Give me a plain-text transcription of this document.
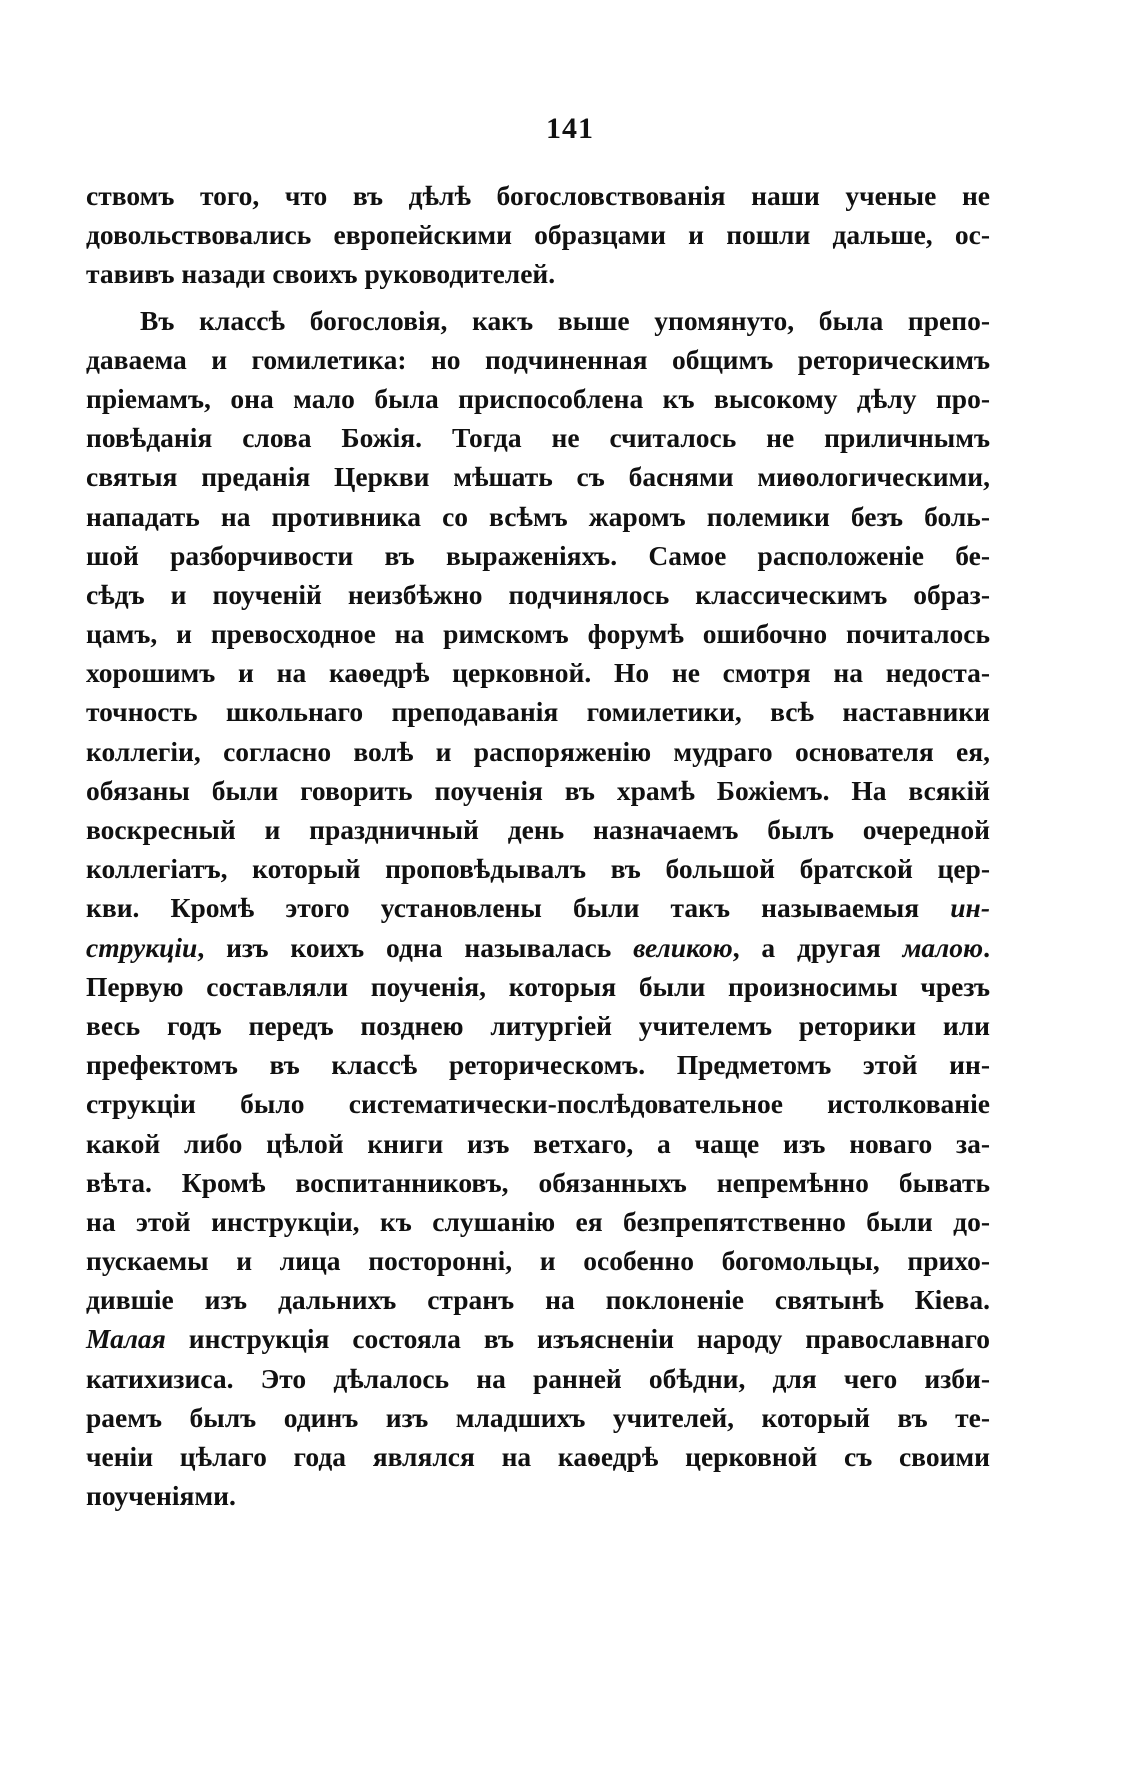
141
ствомъ того, что въ дѣлѣ богословствованія наши ученые не
довольствовались европейскими образцами и пошли дальше, ос-
тавивъ назади своихъ руководителей.
Въ классѣ богословія, какъ выше упомянуто, была препо-
даваема и гомилетика: но подчиненная общимъ реторическимъ
пріемамъ, она мало была приспособлена къ высокому дѣлу про-
повѣданія слова Божія. Тогда не считалось не приличнымъ
святыя преданія Церкви мѣшать съ баснями миѳологическими,
нападать на противника со всѣмъ жаромъ полемики безъ боль-
шой разборчивости въ выраженіяхъ. Самое расположеніе бе-
сѣдъ и поученій неизбѣжно подчинялось классическимъ образ-
цамъ, и превосходное на римскомъ форумѣ ошибочно почиталось
хорошимъ и на каѳедрѣ церковной. Но не смотря на недоста-
точность школьнаго преподаванія гомилетики, всѣ наставники
коллегіи, согласно волѣ и распоряженію мудраго основателя ея,
обязаны были говорить поученія въ храмѣ Божіемъ. На всякій
воскресный и праздничный день назначаемъ былъ очередной
коллегіатъ, который проповѣдывалъ въ большой братской цер-
кви. Кромѣ этого установлены были такъ называемыя ин-
струкціи, изъ коихъ одна называлась великою, а другая малою.
Первую составляли поученія, которыя были произносимы чрезъ
весь годъ передъ позднею литургіей учителемъ реторики или
префектомъ въ классѣ реторическомъ. Предметомъ этой ин-
струкціи было систематически-послѣдовательное истолкованіе
какой либо цѣлой книги изъ ветхаго, а чаще изъ новаго за-
вѣта. Кромѣ воспитанниковъ, обязанныхъ непремѣнно бывать
на этой инструкціи, къ слушанію ея безпрепятственно были до-
пускаемы и лица посторонні, и особенно богомольцы, прихо-
дившіе изъ дальнихъ странъ на поклоненіе святынѣ Кіева.
Малая инструкція состояла въ изъясненіи народу православнаго
катихизиса. Это дѣлалось на ранней обѣдни, для чего изби-
раемъ былъ одинъ изъ младшихъ учителей, который въ те-
ченіи цѣлаго года являлся на каѳедрѣ церковной съ своими
поученіями.
